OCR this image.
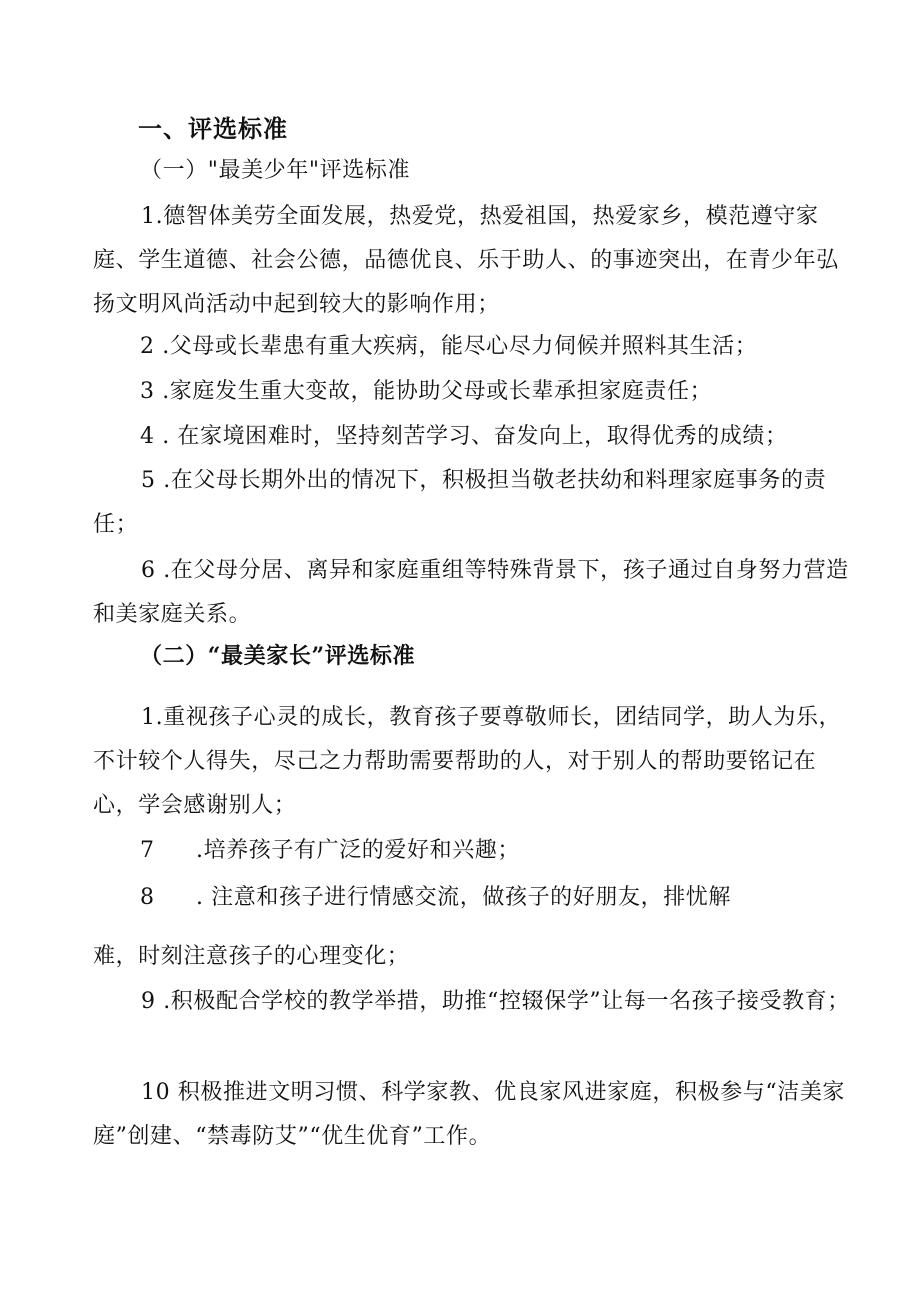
一、评选标准
（一）"最美少年"评选标准
1.德智体美劳全面发展，热爱党，热爱祖国，热爱家乡，模范遵守家庭、学生道德、社会公德，品德优良、乐于助人、的事迹突出，在青少年弘扬文明风尚活动中起到较大的影响作用；
2 .父母或长辈患有重大疾病，能尽心尽力伺候并照料其生活；
3 .家庭发生重大变故，能协助父母或长辈承担家庭责任；
4 . 在家境困难时，坚持刻苦学习、奋发向上，取得优秀的成绩；
5 .在父母长期外出的情况下，积极担当敬老扶幼和料理家庭事务的责任；
6 .在父母分居、离异和家庭重组等特殊背景下，孩子通过自身努力营造和美家庭关系。
（二）“最美家长”评选标准
1.重视孩子心灵的成长，教育孩子要尊敬师长，团结同学，助人为乐，不计较个人得失，尽己之力帮助需要帮助的人，对于别人的帮助要铭记在心，学会感谢别人；
7 .培养孩子有广泛的爱好和兴趣；
8 . 注意和孩子进行情感交流，做孩子的好朋友，排忧解
难，时刻注意孩子的心理变化；
9 .积极配合学校的教学举措，助推“控辍保学”让每一名孩子接受教育；
10 积极推进文明习惯、科学家教、优良家风进家庭，积极参与“洁美家庭”创建、“禁毒防艾”“优生优育”工作。
